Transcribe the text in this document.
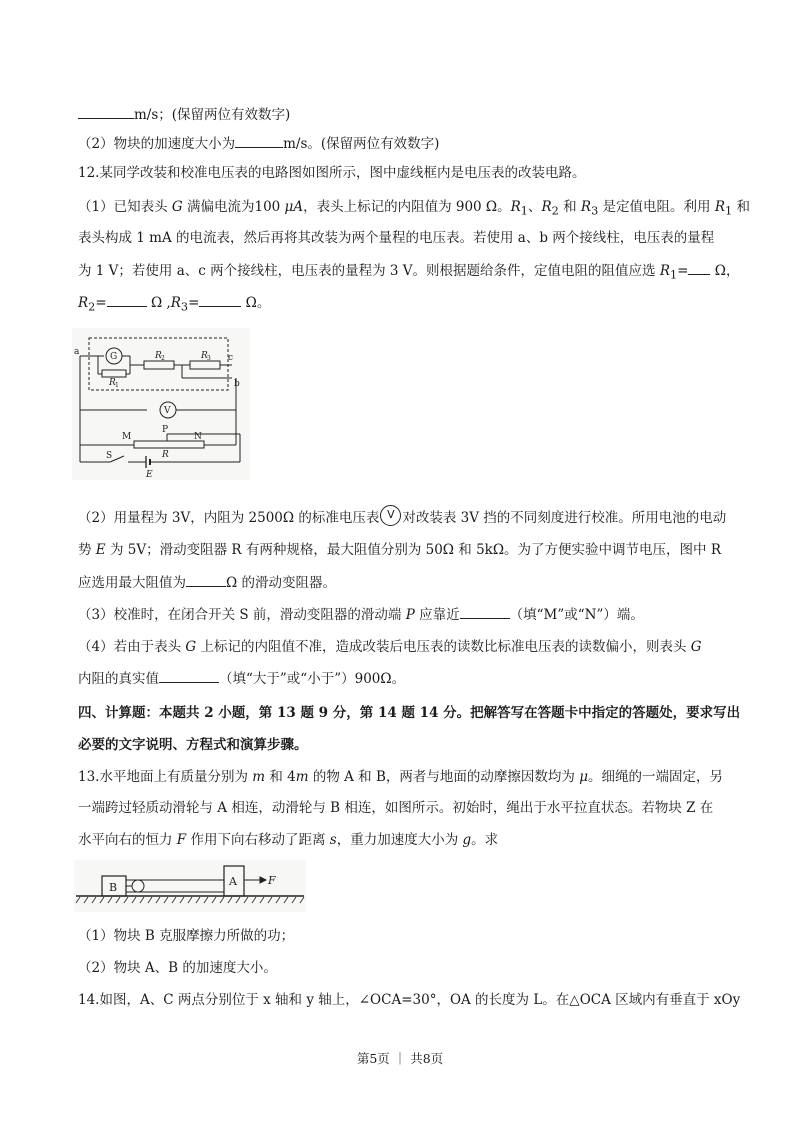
m/s；(保留两位有效数字)
（2）物块的加速度大小为	m/s。(保留两位有效数字)
12.某同学改装和校准电压表的电路图如图所示，图中虚线框内是电压表的改装电路。
（1）已知表头 G 满偏电流为100 μA，表头上标记的内阻值为 900 Ω。$R_1$、$R_2$ 和 $R_3$ 是定值电阻。利用 $R_1$ 和
表头构成 1 mA 的电流表，然后再将其改装为两个量程的电压表。若使用 a、b 两个接线柱，电压表的量程
为 1 V；若使用 a、c 两个接线柱，电压表的量程为 3 V。则根据题给条件，定值电阻的阻值应选 $R_1= \Omega$，
$R_2=$	Ω $,R_3=$	Ω。
a
c
b
G
R 1
R 2	R 3
V
M
P
N
R
S
E
（2）用量程为 3V，内阻为 2500Ω 的标准电压表 V 对改装表 3V 挡的不同刻度进行校准。所用电池的电动
势 E 为 5V；滑动变阻器 R 有两种规格，最大阻值分别为 50Ω 和 5kΩ。为了方便实验中调节电压，图中 R
应选用最大阻值为	Ω 的滑动变阻器。
（3）校准时，在闭合开关 S 前，滑动变阻器的滑动端 P 应靠近	（填“M”或“N”）端。
（4）若由于表头 G 上标记的内阻值不准，造成改装后电压表的读数比标准电压表的读数偏小，则表头 G
内阻的真实值	（填“大于”或“小于”）900Ω。
四、计算题：本题共 2 小题，第 13 题 9 分，第 14 题 14 分。把解答写在答题卡中指定的答题处，要求写出
必要的文字说明、方程式和演算步骤。
13.水平地面上有质量分别为 m 和 4m 的物 A 和 B，两者与地面的动摩擦因数均为 μ。细绳的一端固定，另
一端跨过轻质动滑轮与 A 相连，动滑轮与 B 相连，如图所示。初始时，绳出于水平拉直状态。若物块 Z 在
水平向右的恒力 F 作用下向右移动了距离 s，重力加速度大小为 g。求
B	A	F
（1）物块 B 克服摩擦力所做的功；
（2）物块 A、B 的加速度大小。
14.如图，A、C 两点分别位于 x 轴和 y 轴上，∠OCA=30°，OA 的长度为 L。在△OCA 区域内有垂直于 xOy
第5页 ｜ 共8页
